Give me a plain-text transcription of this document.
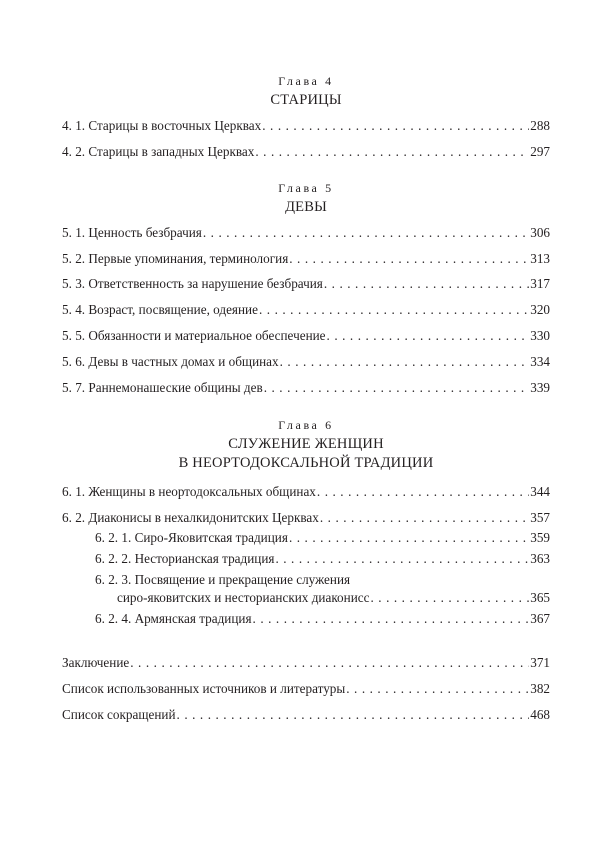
Глава 4
СТАРИЦЫ
4. 1. Старицы в восточных Церквах . . .	288
4. 2. Старицы в западных Церквах . . .	297
Глава 5
ДЕВЫ
5. 1. Ценность безбрачия . . .	306
5. 2. Первые упоминания, терминология . . .	313
5. 3. Ответственность за нарушение безбрачия . . .	317
5. 4. Возраст, посвящение, одеяние . . .	320
5. 5. Обязанности и материальное обеспечение . . .	330
5. 6. Девы в частных домах и общинах . . .	334
5. 7. Раннемонашеские общины дев . . .	339
Глава 6
СЛУЖЕНИЕ ЖЕНЩИН
В НЕОРТОДОКСАЛЬНОЙ ТРАДИЦИИ
6. 1. Женщины в неортодоксальных общинах . . .	344
6. 2. Диаконисы в нехалкидонитских Церквах . . .	357
6. 2. 1. Сиро-Яковитская традиция . . .	359
6. 2. 2. Несторианская традиция . . .	363
6. 2. 3. Посвящение и прекращение служения
сиро-яковитских и несторианских диаконисс . . .	365
6. 2. 4. Армянская традиция . . .	367
Заключение . . .	371
Список использованных источников и литературы . . .	382
Список сокращений . . .	468
